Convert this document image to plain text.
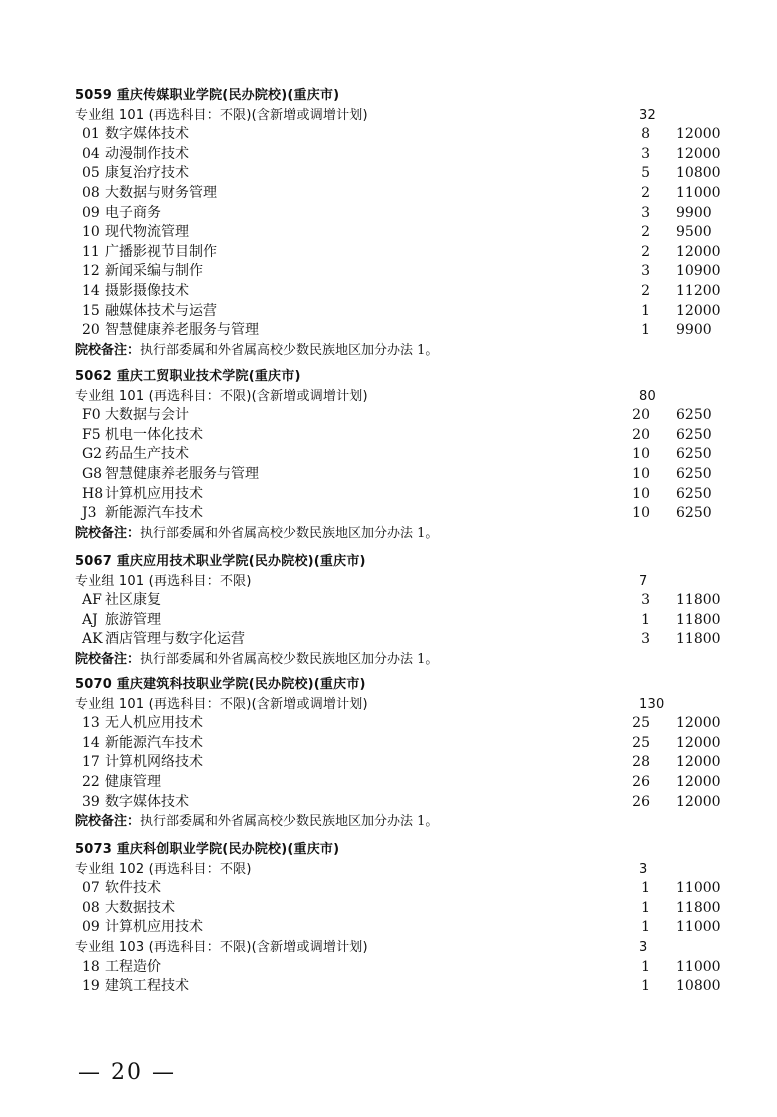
5059 重庆传媒职业学院(民办院校)(重庆市)
专业组 101 (再选科目：不限)(含新增或调增计划)	32
01 数字媒体技术	8 12000
04 动漫制作技术	3 12000
05 康复治疗技术	5 10800
08 大数据与财务管理	2 11000
09 电子商务	3 9900
10 现代物流管理	2 9500
11 广播影视节目制作	2 12000
12 新闻采编与制作	3 10900
14 摄影摄像技术	2 11200
15 融媒体技术与运营	1 12000
20 智慧健康养老服务与管理	1 9900
院校备注：执行部委属和外省属高校少数民族地区加分办法 1。
5062 重庆工贸职业技术学院(重庆市)
专业组 101 (再选科目：不限)(含新增或调增计划)	80
F0 大数据与会计	20 6250
F5 机电一体化技术	20 6250
G2 药品生产技术	10 6250
G8 智慧健康养老服务与管理	10 6250
H8 计算机应用技术	10 6250
J3 新能源汽车技术	10 6250
院校备注：执行部委属和外省属高校少数民族地区加分办法 1。
5067 重庆应用技术职业学院(民办院校)(重庆市)
专业组 101 (再选科目：不限)	7
AF 社区康复	3 11800
AJ 旅游管理	1 11800
AK 酒店管理与数字化运营	3 11800
院校备注：执行部委属和外省属高校少数民族地区加分办法 1。
5070 重庆建筑科技职业学院(民办院校)(重庆市)
专业组 101 (再选科目：不限)(含新增或调增计划)	130
13 无人机应用技术	25 12000
14 新能源汽车技术	25 12000
17 计算机网络技术	28 12000
22 健康管理	26 12000
39 数字媒体技术	26 12000
院校备注：执行部委属和外省属高校少数民族地区加分办法 1。
5073 重庆科创职业学院(民办院校)(重庆市)
专业组 102 (再选科目：不限)	3
07 软件技术	1 11000
08 大数据技术	1 11800
09 计算机应用技术	1 11000
专业组 103 (再选科目：不限)(含新增或调增计划)	3
18 工程造价	1 11000
19 建筑工程技术	1 10800
— 20 —
